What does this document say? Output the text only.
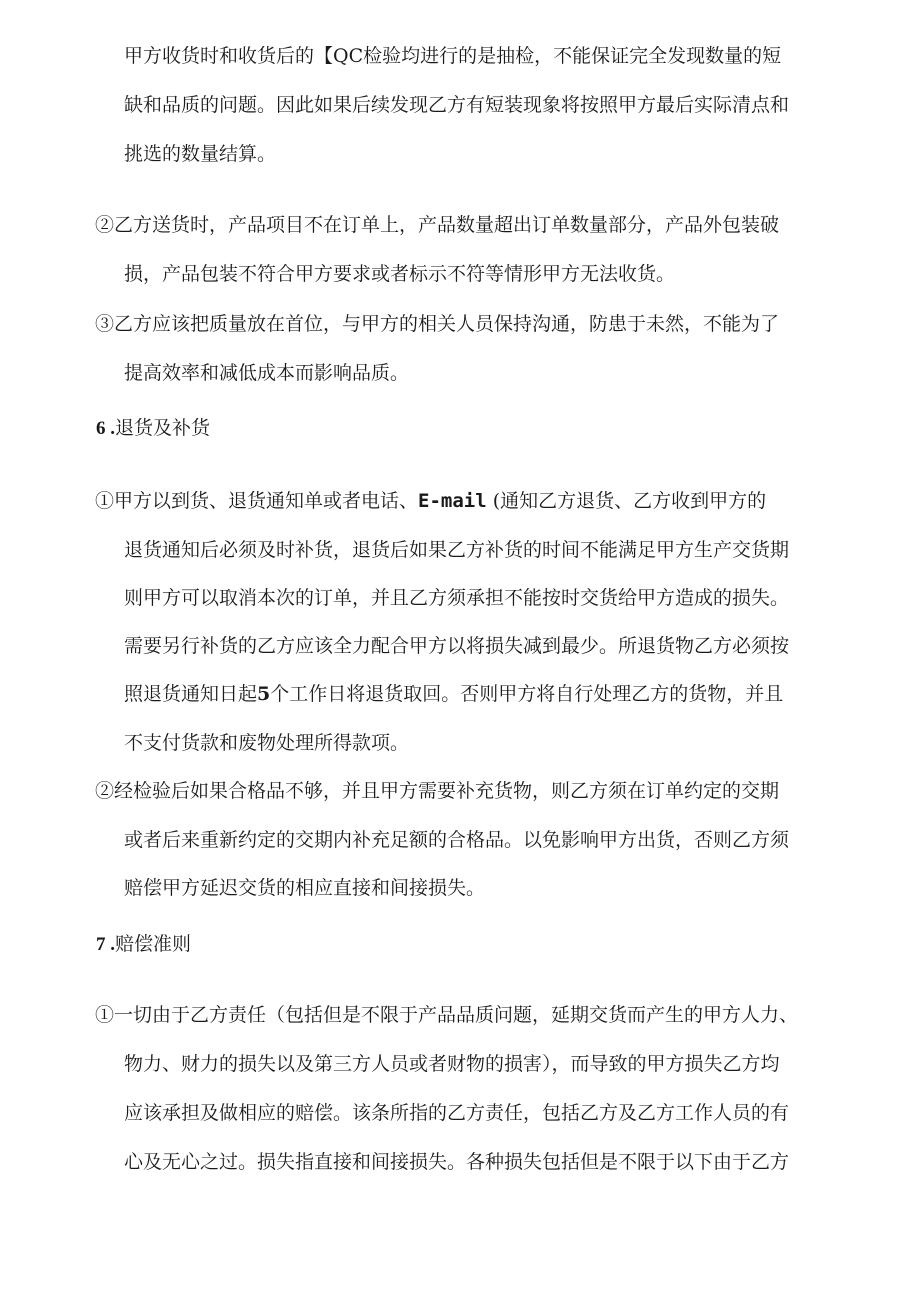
甲方收货时和收货后的【QC检验均进行的是抽检，不能保证完全发现数量的短
缺和品质的问题。因此如果后续发现乙方有短装现象将按照甲方最后实际清点和
挑选的数量结算。
②乙方送货时，产品项目不在订单上，产品数量超出订单数量部分，产品外包装破
损，产品包装不符合甲方要求或者标示不符等情形甲方无法收货。
③乙方应该把质量放在首位，与甲方的相关人员保持沟通，防患于未然，不能为了
提高效率和减低成本而影响品质。
6 .退货及补货
①甲方以到货、退货通知单或者电话、E-mail (通知乙方退货、乙方收到甲方的
退货通知后必须及时补货，退货后如果乙方补货的时间不能满足甲方生产交货期
则甲方可以取消本次的订单，并且乙方须承担不能按时交货给甲方造成的损失。
需要另行补货的乙方应该全力配合甲方以将损失减到最少。所退货物乙方必须按
照退货通知日起5个工作日将退货取回。否则甲方将自行处理乙方的货物，并且
不支付货款和废物处理所得款项。
②经检验后如果合格品不够，并且甲方需要补充货物，则乙方须在订单约定的交期
或者后来重新约定的交期内补充足额的合格品。以免影响甲方出货，否则乙方须
赔偿甲方延迟交货的相应直接和间接损失。
7 .赔偿准则
①一切由于乙方责任（包括但是不限于产品品质问题，延期交货而产生的甲方人力、
物力、财力的损失以及第三方人员或者财物的损害），而导致的甲方损失乙方均
应该承担及做相应的赔偿。该条所指的乙方责任，包括乙方及乙方工作人员的有
心及无心之过。损失指直接和间接损失。各种损失包括但是不限于以下由于乙方
